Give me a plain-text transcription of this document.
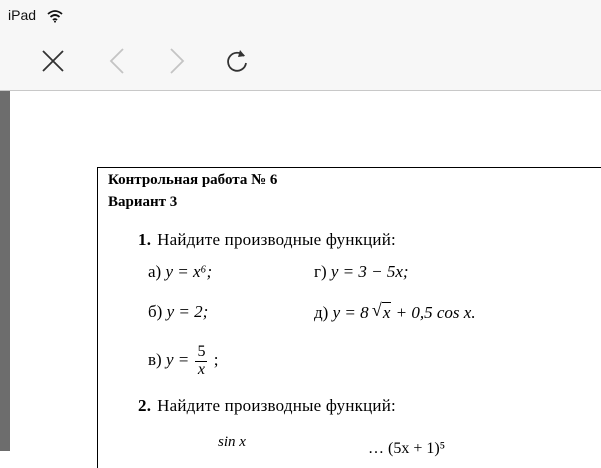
iPad
Контрольная работа № 6
Вариант 3
1. Найдите производные функций:
а) y = x⁶;	г) y = 3 − 5x;
б) y = 2;	д) y = 8 √ x + 0,5 cos x.
в) $y = \frac{5}{x}$ ;
2. Найдите производные функций:
sin x	… (5x + 1)⁵
